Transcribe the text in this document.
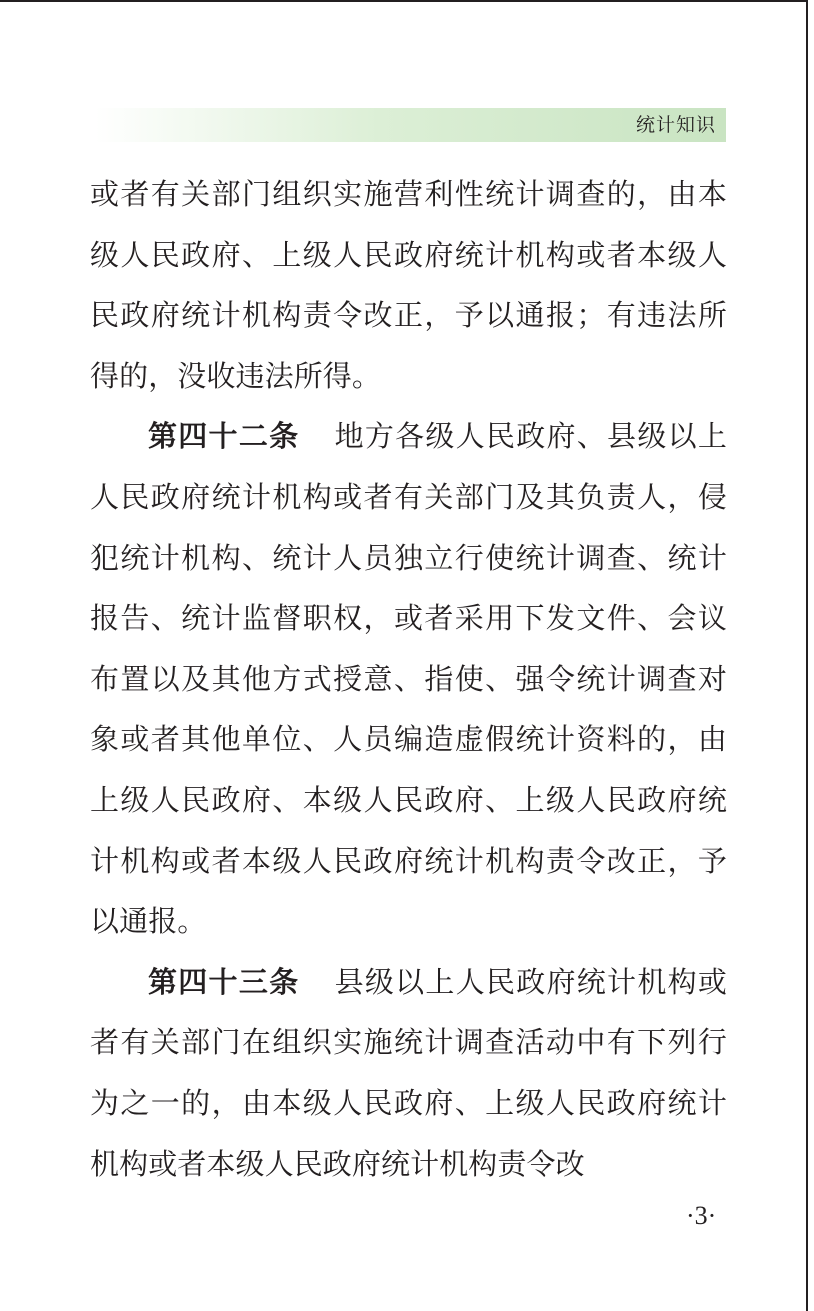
统计知识

或者有关部门组织实施营利性统计调查的，由本级人民政府、上级人民政府统计机构或者本级人民政府统计机构责令改正，予以通报；有违法所得的，没收违法所得。

第四十二条 地方各级人民政府、县级以上人民政府统计机构或者有关部门及其负责人，侵犯统计机构、统计人员独立行使统计调查、统计报告、统计监督职权，或者采用下发文件、会议布置以及其他方式授意、指使、强令统计调查对象或者其他单位、人员编造虚假统计资料的，由上级人民政府、本级人民政府、上级人民政府统计机构或者本级人民政府统计机构责令改正，予以通报。

第四十三条 县级以上人民政府统计机构或者有关部门在组织实施统计调查活动中有下列行为之一的，由本级人民政府、上级人民政府统计机构或者本级人民政府统计机构责令改

·3·
